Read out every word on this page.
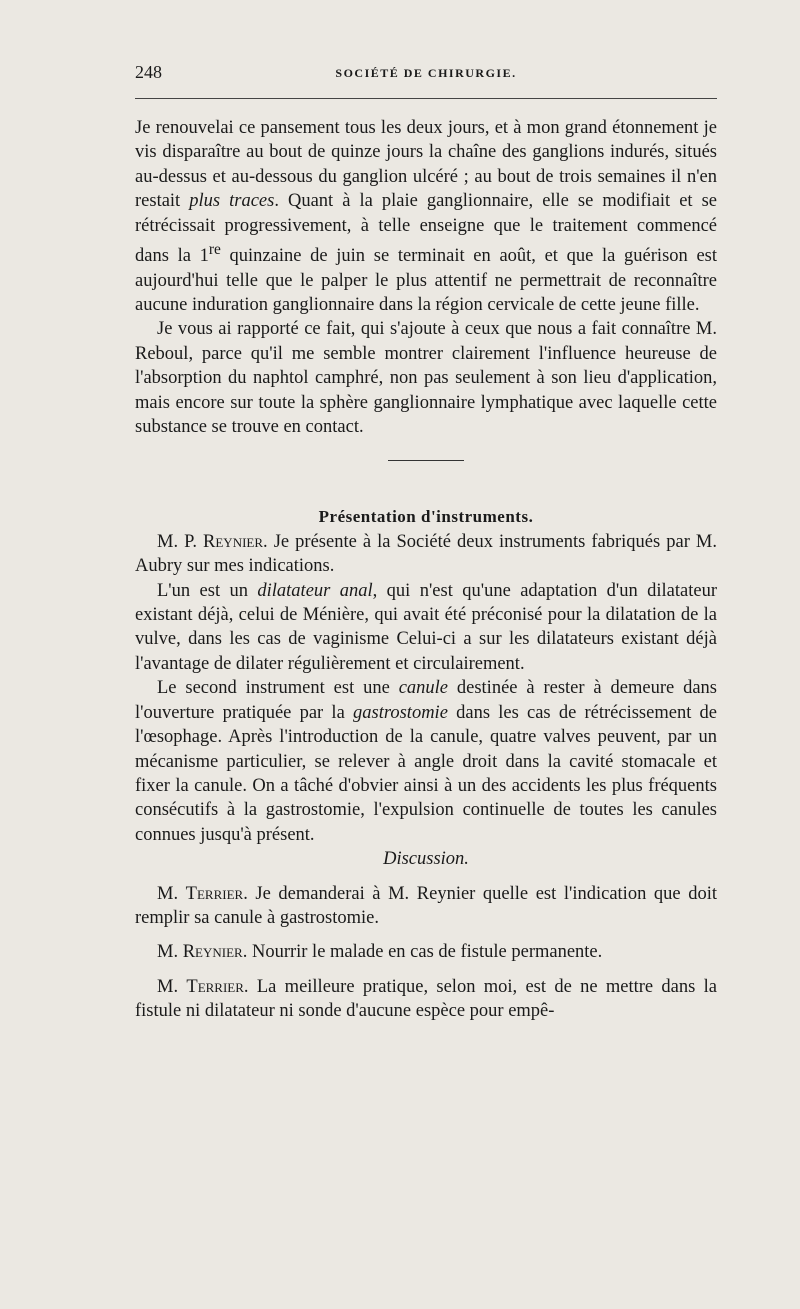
248	SOCIÉTÉ DE CHIRURGIE.

Je renouvelai ce pansement tous les deux jours, et à mon grand étonnement je vis disparaître au bout de quinze jours la chaîne des ganglions indurés, situés au-dessus et au-dessous du ganglion ulcéré ; au bout de trois semaines il n'en restait plus traces. Quant à la plaie ganglionnaire, elle se modifiait et se rétrécissait progressivement, à telle enseigne que le traitement commencé dans la 1re quinzaine de juin se terminait en août, et que la guérison est aujourd'hui telle que le palper le plus attentif ne permettrait de reconnaître aucune induration ganglionnaire dans la région cervicale de cette jeune fille.

Je vous ai rapporté ce fait, qui s'ajoute à ceux que nous a fait connaître M. Reboul, parce qu'il me semble montrer clairement l'influence heureuse de l'absorption du naphtol camphré, non pas seulement à son lieu d'application, mais encore sur toute la sphère ganglionnaire lymphatique avec laquelle cette substance se trouve en contact.

Présentation d'instruments.

M. P. Reynier. Je présente à la Société deux instruments fabriqués par M. Aubry sur mes indications.

L'un est un dilatateur anal, qui n'est qu'une adaptation d'un dilatateur existant déjà, celui de Ménière, qui avait été préconisé pour la dilatation de la vulve, dans les cas de vaginisme Celui-ci a sur les dilatateurs existant déjà l'avantage de dilater régulièrement et circulairement.

Le second instrument est une canule destinée à rester à demeure dans l'ouverture pratiquée par la gastrostomie dans les cas de rétrécissement de l'œsophage. Après l'introduction de la canule, quatre valves peuvent, par un mécanisme particulier, se relever à angle droit dans la cavité stomacale et fixer la canule. On a tâché d'obvier ainsi à un des accidents les plus fréquents consécutifs à la gastrostomie, l'expulsion continuelle de toutes les canules connues jusqu'à présent.

Discussion.

M. Terrier. Je demanderai à M. Reynier quelle est l'indication que doit remplir sa canule à gastrostomie.

M. Reynier. Nourrir le malade en cas de fistule permanente.

M. Terrier. La meilleure pratique, selon moi, est de ne mettre dans la fistule ni dilatateur ni sonde d'aucune espèce pour empê-
